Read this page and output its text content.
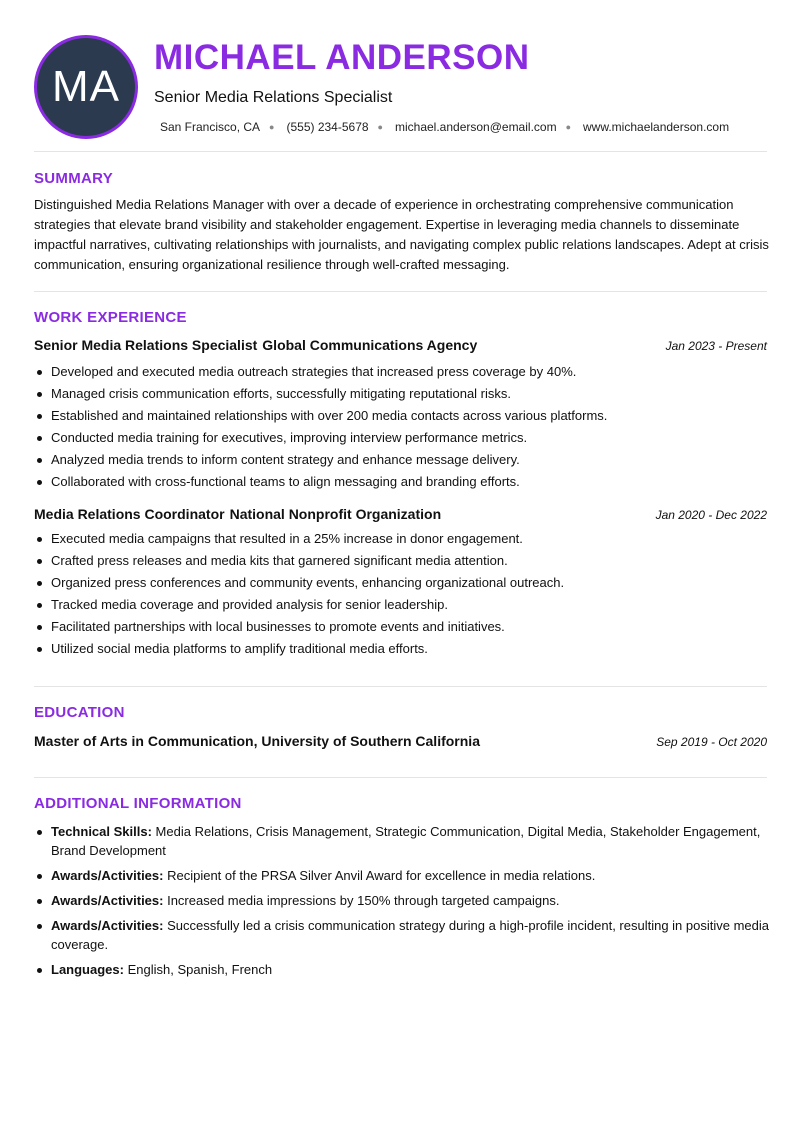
MA
MICHAEL ANDERSON
Senior Media Relations Specialist
San Francisco, CA ● (555) 234-5678 ● michael.anderson@email.com ● www.michaelanderson.com
SUMMARY
Distinguished Media Relations Manager with over a decade of experience in orchestrating comprehensive communication strategies that elevate brand visibility and stakeholder engagement. Expertise in leveraging media channels to disseminate impactful narratives, cultivating relationships with journalists, and navigating complex public relations landscapes. Adept at crisis communication, ensuring organizational resilience through well-crafted messaging.
WORK EXPERIENCE
Senior Media Relations Specialist Global Communications Agency	Jan 2023 - Present
Developed and executed media outreach strategies that increased press coverage by 40%.
Managed crisis communication efforts, successfully mitigating reputational risks.
Established and maintained relationships with over 200 media contacts across various platforms.
Conducted media training for executives, improving interview performance metrics.
Analyzed media trends to inform content strategy and enhance message delivery.
Collaborated with cross-functional teams to align messaging and branding efforts.
Media Relations Coordinator National Nonprofit Organization	Jan 2020 - Dec 2022
Executed media campaigns that resulted in a 25% increase in donor engagement.
Crafted press releases and media kits that garnered significant media attention.
Organized press conferences and community events, enhancing organizational outreach.
Tracked media coverage and provided analysis for senior leadership.
Facilitated partnerships with local businesses to promote events and initiatives.
Utilized social media platforms to amplify traditional media efforts.
EDUCATION
Master of Arts in Communication, University of Southern California	Sep 2019 - Oct 2020
ADDITIONAL INFORMATION
Technical Skills: Media Relations, Crisis Management, Strategic Communication, Digital Media, Stakeholder Engagement, Brand Development
Awards/Activities: Recipient of the PRSA Silver Anvil Award for excellence in media relations.
Awards/Activities: Increased media impressions by 150% through targeted campaigns.
Awards/Activities: Successfully led a crisis communication strategy during a high-profile incident, resulting in positive media coverage.
Languages: English, Spanish, French
